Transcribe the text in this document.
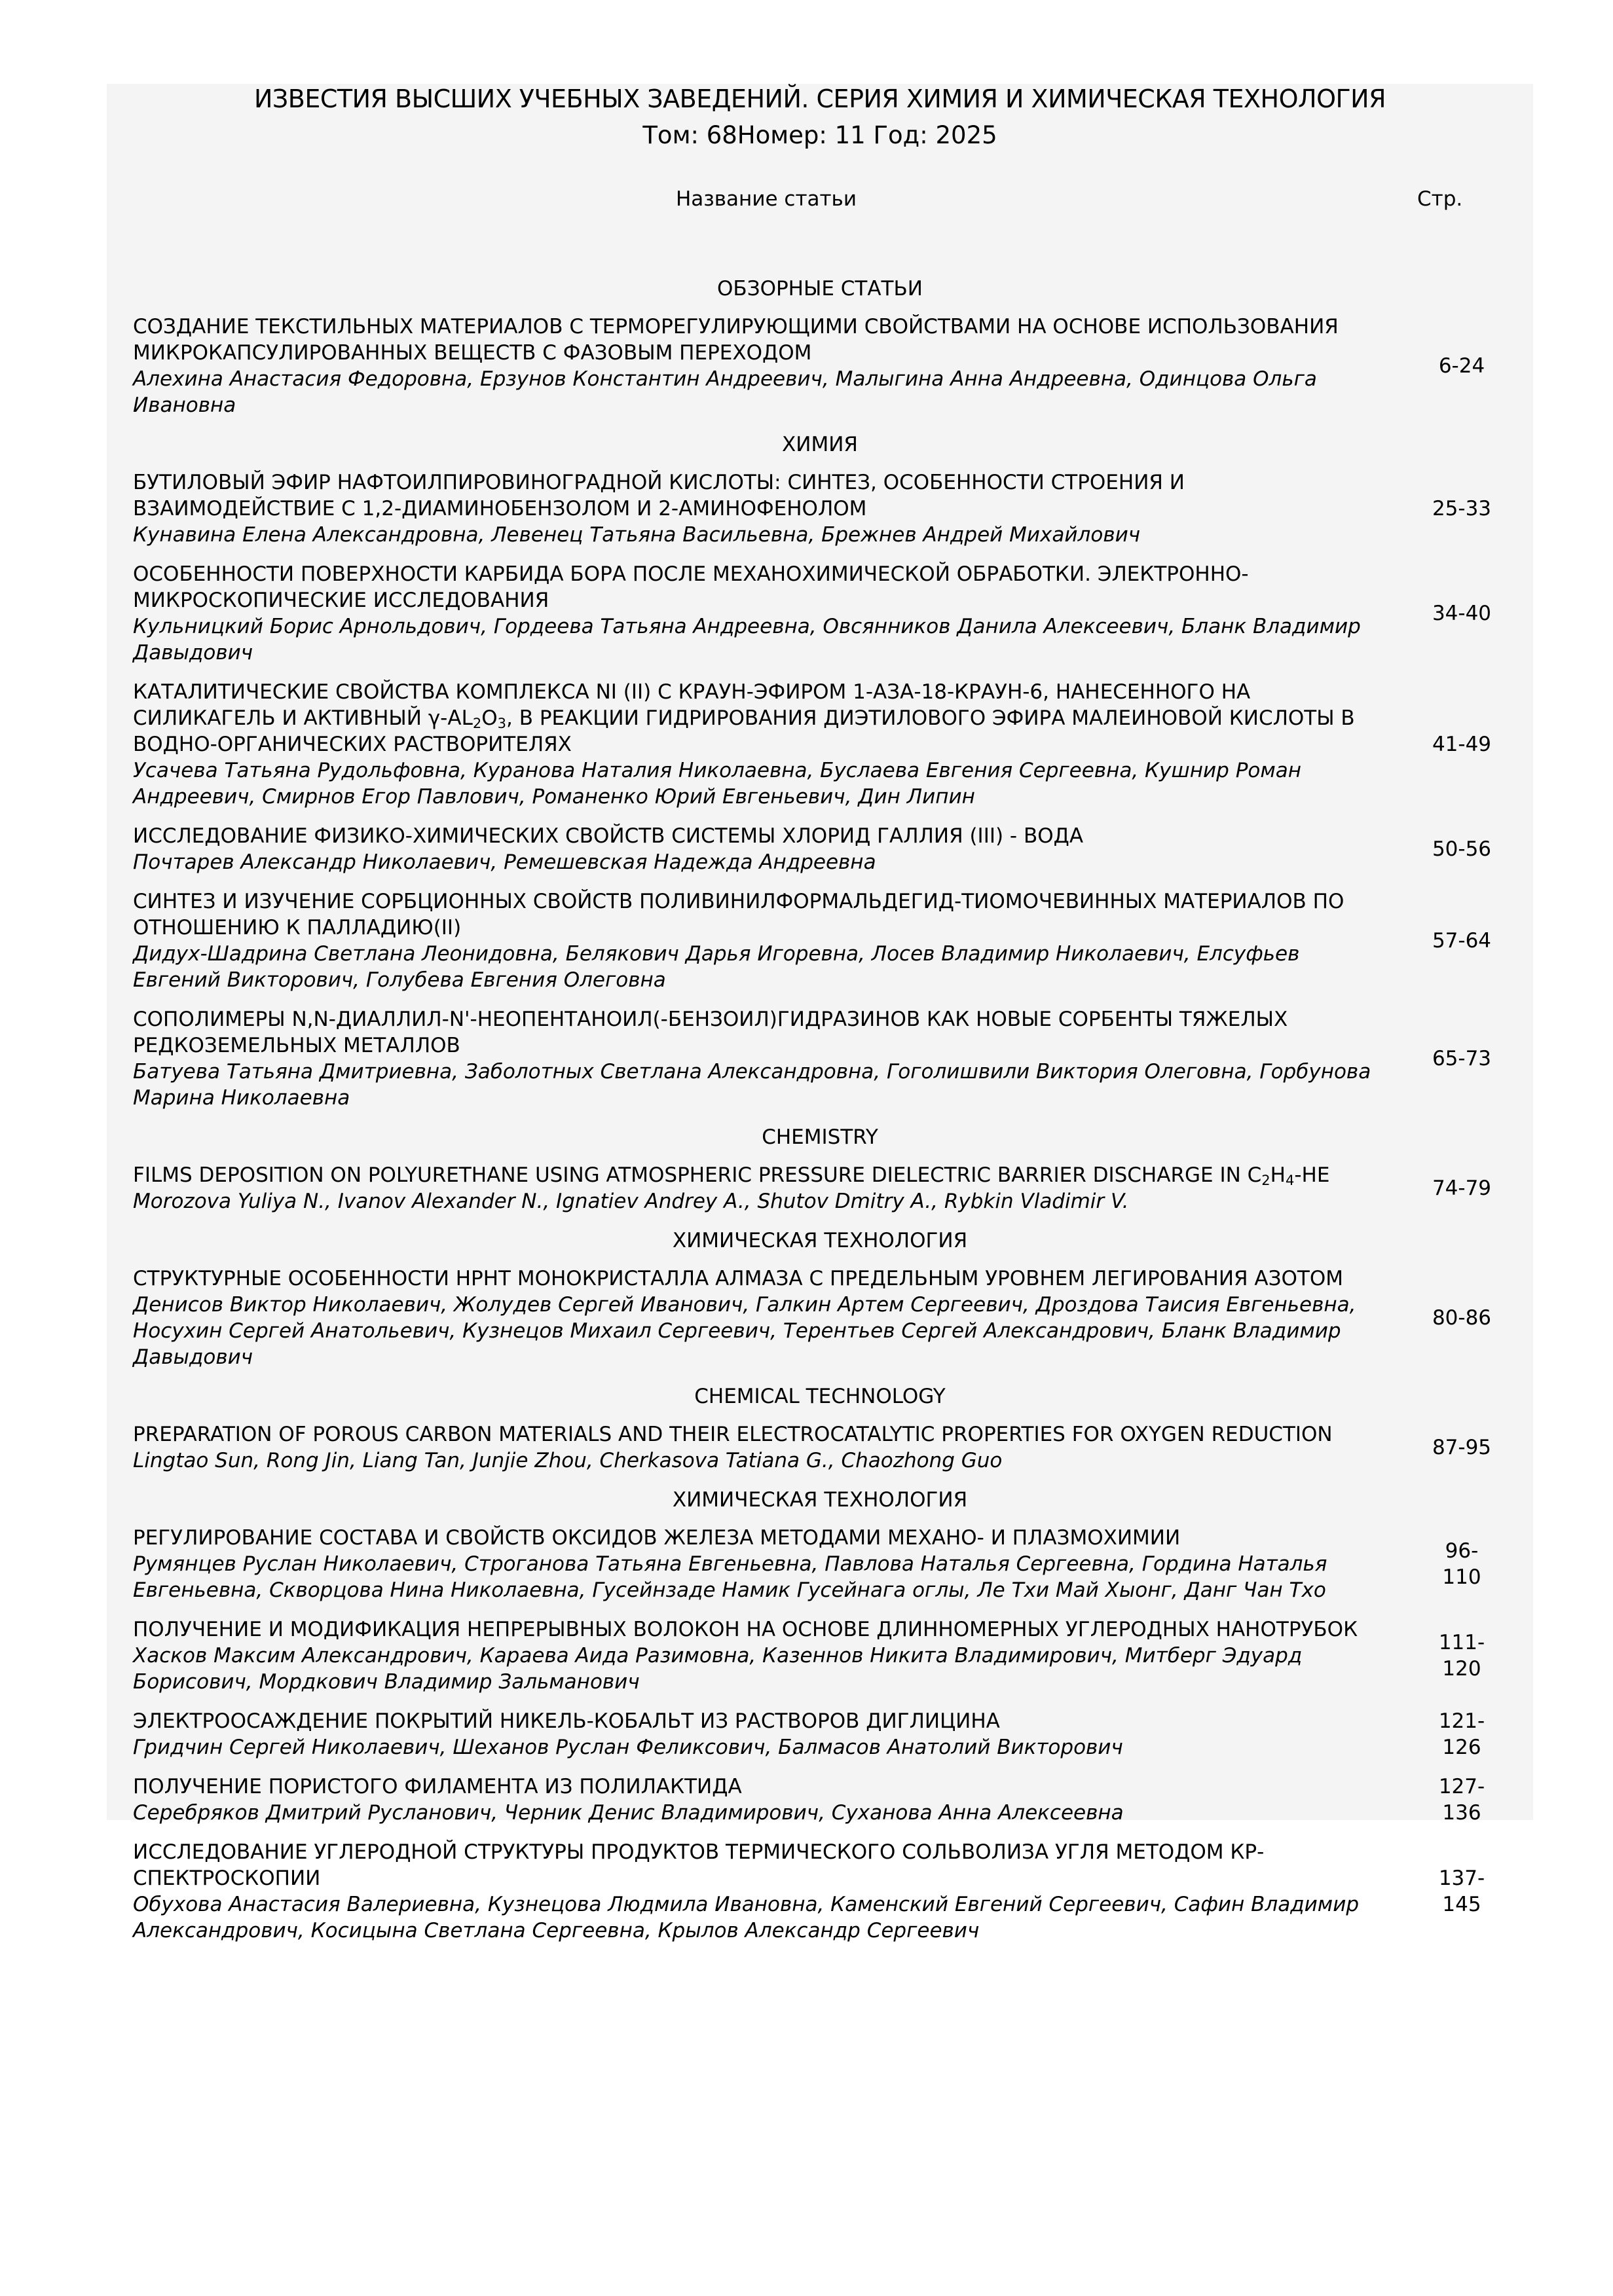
ИЗВЕСТИЯ ВЫСШИХ УЧЕБНЫХ ЗАВЕДЕНИЙ. СЕРИЯ ХИМИЯ И ХИМИЧЕСКАЯ ТЕХНОЛОГИЯ
Том: 68Номер: 11 Год: 2025
Название статьи	Стр.
ОБЗОРНЫЕ СТАТЬИ
СОЗДАНИЕ ТЕКСТИЛЬНЫХ МАТЕРИАЛОВ С ТЕРМОРЕГУЛИРУЮЩИМИ СВОЙСТВАМИ НА ОСНОВЕ ИСПОЛЬЗОВАНИЯ МИКРОКАПСУЛИРОВАННЫХ ВЕЩЕСТВ С ФАЗОВЫМ ПЕРЕХОДОМ
Алехина Анастасия Федоровна, Ерзунов Константин Андреевич, Малыгина Анна Андреевна, Одинцова Ольга Ивановна
6-24
ХИМИЯ
БУТИЛОВЫЙ ЭФИР НАФТОИЛПИРОВИНОГРАДНОЙ КИСЛОТЫ: СИНТЕЗ, ОСОБЕННОСТИ СТРОЕНИЯ И ВЗАИМОДЕЙСТВИЕ С 1,2-ДИАМИНОБЕНЗОЛОМ И 2-АМИНОФЕНОЛОМ
Кунавина Елена Александровна, Левенец Татьяна Васильевна, Брежнев Андрей Михайлович
25-33
ОСОБЕННОСТИ ПОВЕРХНОСТИ КАРБИДА БОРА ПОСЛЕ МЕХАНОХИМИЧЕСКОЙ ОБРАБОТКИ. ЭЛЕКТРОННО-МИКРОСКОПИЧЕСКИЕ ИССЛЕДОВАНИЯ
Кульницкий Борис Арнольдович, Гордеева Татьяна Андреевна, Овсянников Данила Алексеевич, Бланк Владимир Давыдович
34-40
КАТАЛИТИЧЕСКИЕ СВОЙСТВА КОМПЛЕКСА NI (II) С КРАУН-ЭФИРОМ 1-АЗА-18-КРАУН-6, НАНЕСЕННОГО НА СИЛИКАГЕЛЬ И АКТИВНЫЙ $\gamma-AL_2O_3$, В РЕАКЦИИ ГИДРИРОВАНИЯ ДИЭТИЛОВОГО ЭФИРА МАЛЕИНОВОЙ КИСЛОТЫ В ВОДНО-ОРГАНИЧЕСКИХ РАСТВОРИТЕЛЯХ
Усачева Татьяна Рудольфовна, Куранова Наталия Николаевна, Буслаева Евгения Сергеевна, Кушнир Роман Андреевич, Смирнов Егор Павлович, Романенко Юрий Евгеньевич, Дин Липин
41-49
ИССЛЕДОВАНИЕ ФИЗИКО-ХИМИЧЕСКИХ СВОЙСТВ СИСТЕМЫ ХЛОРИД ГАЛЛИЯ (III) - ВОДА
Почтарев Александр Николаевич, Ремешевская Надежда Андреевна
50-56
СИНТЕЗ И ИЗУЧЕНИЕ СОРБЦИОННЫХ СВОЙСТВ ПОЛИВИНИЛФОРМАЛЬДЕГИД-ТИОМОЧЕВИННЫХ МАТЕРИАЛОВ ПО ОТНОШЕНИЮ К ПАЛЛАДИЮ(II)
Дидух-Шадрина Светлана Леонидовна, Белякович Дарья Игоревна, Лосев Владимир Николаевич, Елсуфьев Евгений Викторович, Голубева Евгения Олеговна
57-64
СОПОЛИМЕРЫ N,N-ДИАЛЛИЛ-N'-НЕОПЕНТАНОИЛ(-БЕНЗОИЛ)ГИДРАЗИНОВ КАК НОВЫЕ СОРБЕНТЫ ТЯЖЕЛЫХ РЕДКОЗЕМЕЛЬНЫХ МЕТАЛЛОВ
Батуева Татьяна Дмитриевна, Заболотных Светлана Александровна, Гоголишвили Виктория Олеговна, Горбунова Марина Николаевна
65-73
CHEMISTRY
FILMS DEPOSITION ON POLYURETHANE USING ATMOSPHERIC PRESSURE DIELECTRIC BARRIER DISCHARGE IN $C_2H_4-HE$
Morozova Yuliya N., Ivanov Alexander N., Ignatiev Andrey A., Shutov Dmitry A., Rybkin Vladimir V.
74-79
ХИМИЧЕСКАЯ ТЕХНОЛОГИЯ
СТРУКТУРНЫЕ ОСОБЕННОСТИ HPHT МОНОКРИСТАЛЛА АЛМАЗА С ПРЕДЕЛЬНЫМ УРОВНЕМ ЛЕГИРОВАНИЯ АЗОТОМ
Денисов Виктор Николаевич, Жолудев Сергей Иванович, Галкин Артем Сергеевич, Дроздова Таисия Евгеньевна, Носухин Сергей Анатольевич, Кузнецов Михаил Сергеевич, Терентьев Сергей Александрович, Бланк Владимир Давыдович
80-86
CHEMICAL TECHNOLOGY
PREPARATION OF POROUS CARBON MATERIALS AND THEIR ELECTROCATALYTIC PROPERTIES FOR OXYGEN REDUCTION
Lingtao Sun, Rong Jin, Liang Tan, Junjie Zhou, Cherkasova Tatiana G., Chaozhong Guo
87-95
ХИМИЧЕСКАЯ ТЕХНОЛОГИЯ
РЕГУЛИРОВАНИЕ СОСТАВА И СВОЙСТВ ОКСИДОВ ЖЕЛЕЗА МЕТОДАМИ МЕХАНО- И ПЛАЗМОХИМИИ
Румянцев Руслан Николаевич, Строганова Татьяна Евгеньевна, Павлова Наталья Сергеевна, Гордина Наталья Евгеньевна, Скворцова Нина Николаевна, Гусейнзаде Намик Гусейнага оглы, Ле Тхи Май Хыонг, Данг Чан Тхо
96-
110
ПОЛУЧЕНИЕ И МОДИФИКАЦИЯ НЕПРЕРЫВНЫХ ВОЛОКОН НА ОСНОВЕ ДЛИННОМЕРНЫХ УГЛЕРОДНЫХ НАНОТРУБОК
Хасков Максим Александрович, Караева Аида Разимовна, Казеннов Никита Владимирович, Митберг Эдуард Борисович, Мордкович Владимир Зальманович
111-
120
ЭЛЕКТРООСАЖДЕНИЕ ПОКРЫТИЙ НИКЕЛЬ-КОБАЛЬТ ИЗ РАСТВОРОВ ДИГЛИЦИНА
Гридчин Сергей Николаевич, Шеханов Руслан Феликсович, Балмасов Анатолий Викторович
121-
126
ПОЛУЧЕНИЕ ПОРИСТОГО ФИЛАМЕНТА ИЗ ПОЛИЛАКТИДА
Серебряков Дмитрий Русланович, Черник Денис Владимирович, Суханова Анна Алексеевна
127-
136
ИССЛЕДОВАНИЕ УГЛЕРОДНОЙ СТРУКТУРЫ ПРОДУКТОВ ТЕРМИЧЕСКОГО СОЛЬВОЛИЗА УГЛЯ МЕТОДОМ КР-СПЕКТРОСКОПИИ
Обухова Анастасия Валериевна, Кузнецова Людмила Ивановна, Каменский Евгений Сергеевич, Сафин Владимир Александрович, Косицына Светлана Сергеевна, Крылов Александр Сергеевич
137-
145
